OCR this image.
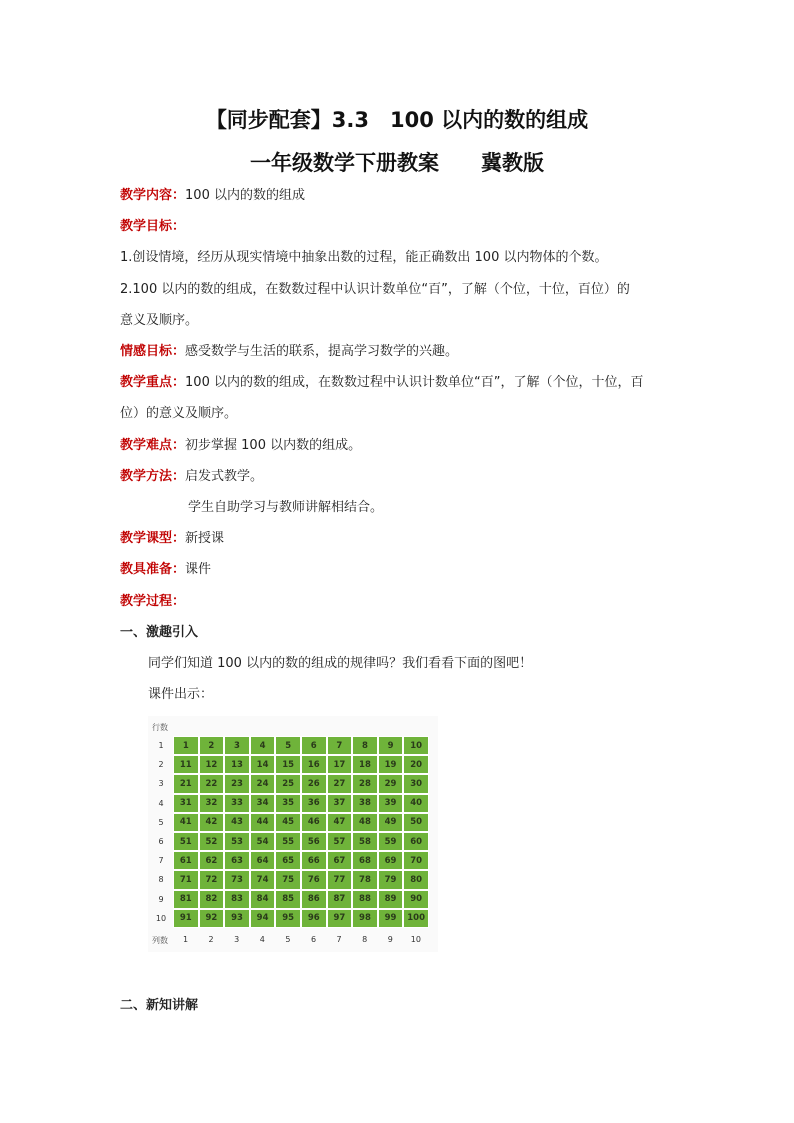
【同步配套】3.3　100 以内的数的组成
一年级数学下册教案　　冀教版
教学内容：100 以内的数的组成
教学目标：
1.创设情境，经历从现实情境中抽象出数的过程，能正确数出 100 以内物体的个数。
2.100 以内的数的组成，在数数过程中认识计数单位“百”，了解（个位，十位，百位）的
意义及顺序。
情感目标：感受数学与生活的联系，提高学习数学的兴趣。
教学重点：100 以内的数的组成，在数数过程中认识计数单位“百”，了解（个位，十位，百
位）的意义及顺序。
教学难点：初步掌握 100 以内数的组成。
教学方法：启发式教学。
学生自助学习与教师讲解相结合。
教学课型：新授课
教具准备：课件
教学过程：
一、激趣引入
同学们知道 100 以内的数的组成的规律吗？我们看看下面的图吧！
课件出示：
行数
列数
1
2
3
4
5
6
7
8
9
10
1	2	3	4	5	6	7	8	9	10
1	2	3	4	5	6	7	8	9	10
11	12	13	14	15	16	17	18	19	20
21	22	23	24	25	26	27	28	29	30
31	32	33	34	35	36	37	38	39	40
41	42	43	44	45	46	47	48	49	50
51	52	53	54	55	56	57	58	59	60
61	62	63	64	65	66	67	68	69	70
71	72	73	74	75	76	77	78	79	80
81	82	83	84	85	86	87	88	89	90
91	92	93	94	95	96	97	98	99	100
二、新知讲解
